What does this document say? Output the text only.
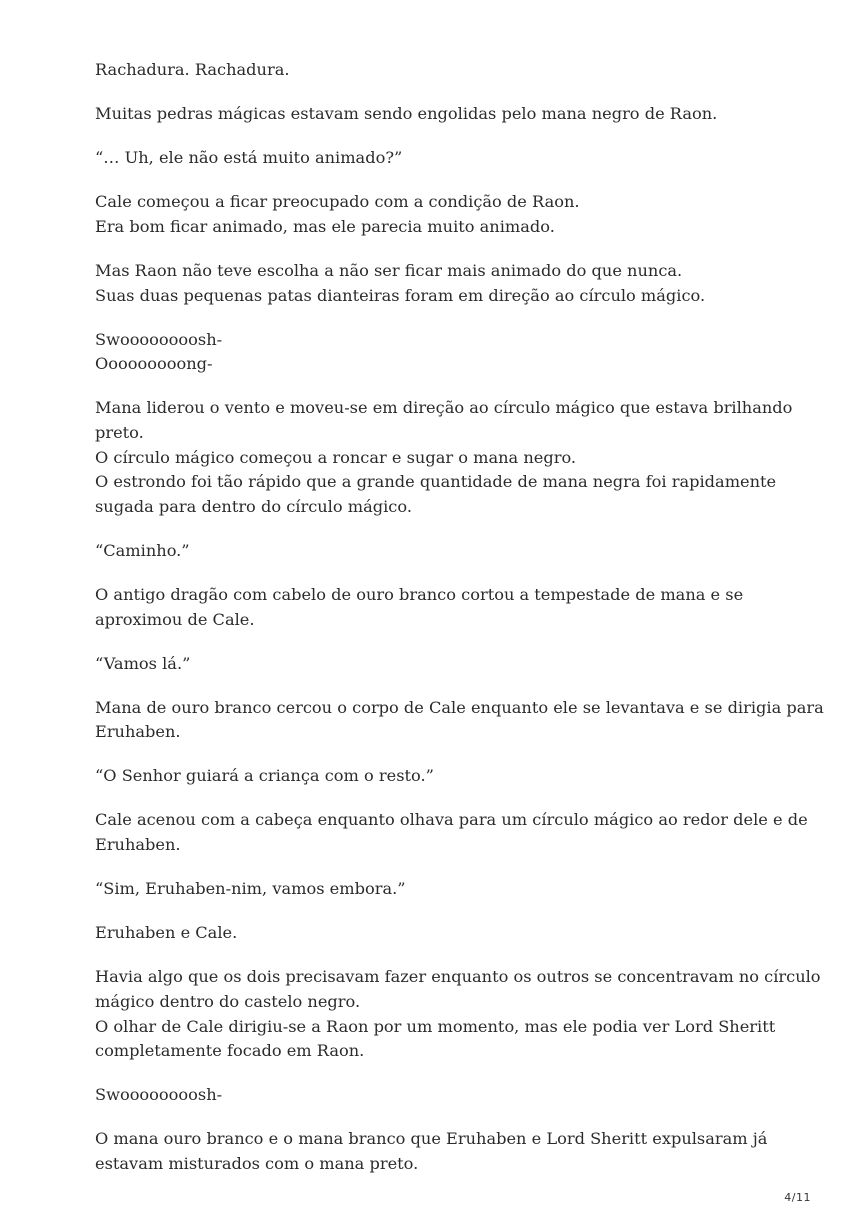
Rachadura. Rachadura.

Muitas pedras mágicas estavam sendo engolidas pelo mana negro de Raon.

“… Uh, ele não está muito animado?”

Cale começou a ficar preocupado com a condição de Raon.
Era bom ficar animado, mas ele parecia muito animado.

Mas Raon não teve escolha a não ser ficar mais animado do que nunca.
Suas duas pequenas patas dianteiras foram em direção ao círculo mágico.

Swoooooooosh-
Ooooooooong-

Mana liderou o vento e moveu-se em direção ao círculo mágico que estava brilhando
preto.
O círculo mágico começou a roncar e sugar o mana negro.
O estrondo foi tão rápido que a grande quantidade de mana negra foi rapidamente
sugada para dentro do círculo mágico.

“Caminho.”

O antigo dragão com cabelo de ouro branco cortou a tempestade de mana e se
aproximou de Cale.

“Vamos lá.”

Mana de ouro branco cercou o corpo de Cale enquanto ele se levantava e se dirigia para
Eruhaben.

“O Senhor guiará a criança com o resto.”

Cale acenou com a cabeça enquanto olhava para um círculo mágico ao redor dele e de
Eruhaben.

“Sim, Eruhaben-nim, vamos embora.”

Eruhaben e Cale.

Havia algo que os dois precisavam fazer enquanto os outros se concentravam no círculo
mágico dentro do castelo negro.
O olhar de Cale dirigiu-se a Raon por um momento, mas ele podia ver Lord Sheritt
completamente focado em Raon.

Swoooooooosh-

O mana ouro branco e o mana branco que Eruhaben e Lord Sheritt expulsaram já
estavam misturados com o mana preto.

4/11
